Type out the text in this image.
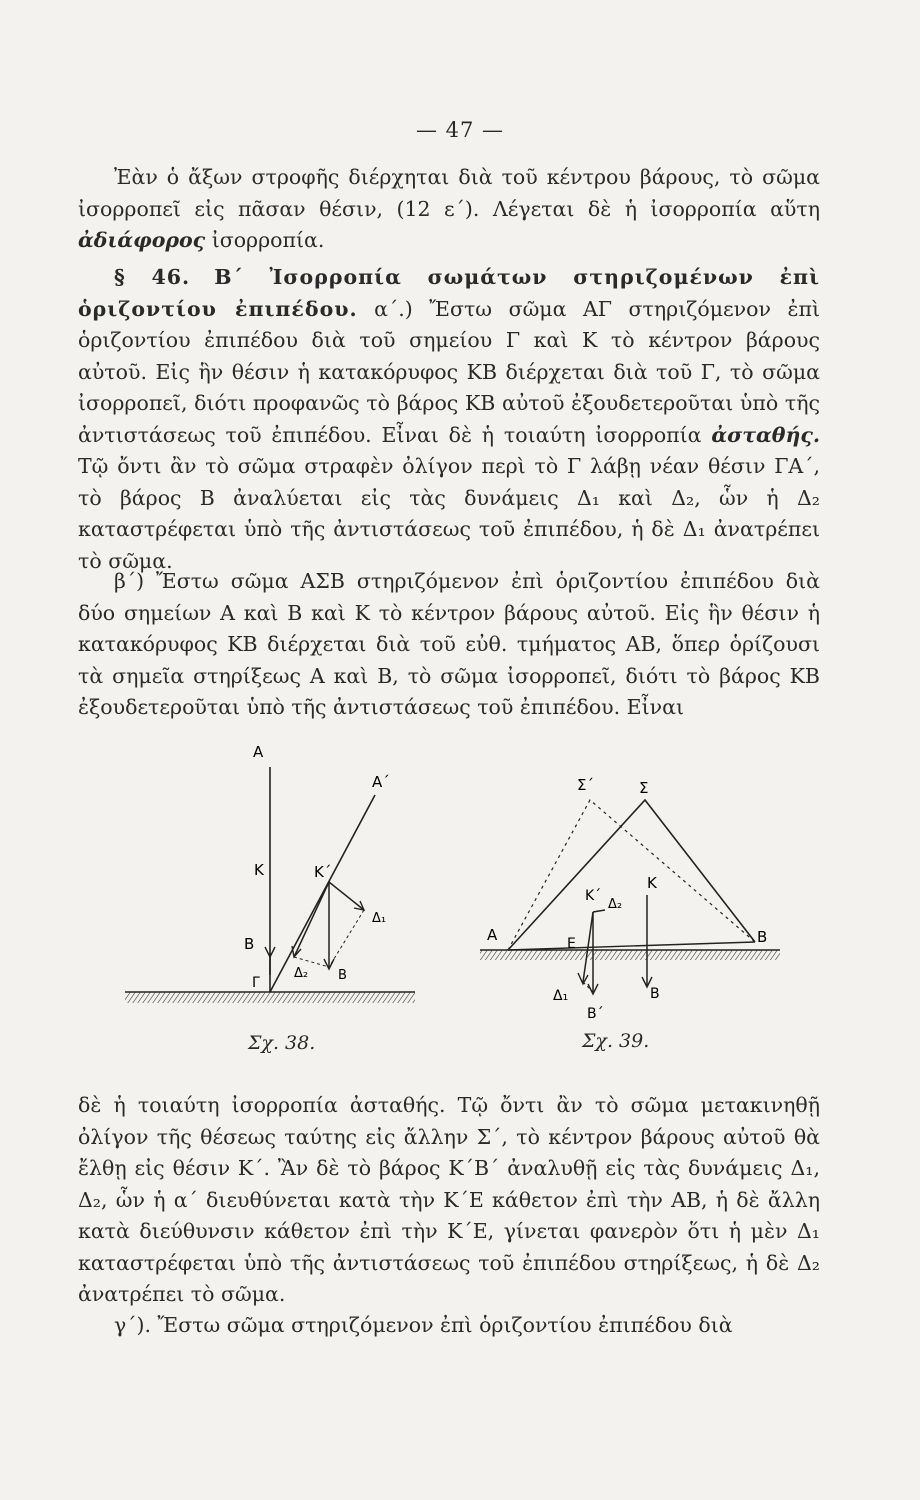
— 47 —

Ἐὰν ὁ ἄξων στροφῆς διέρχηται διὰ τοῦ κέντρου βάρους, τὸ σῶμα ἰσορροπεῖ εἰς πᾶσαν θέσιν, (12 ε΄). Λέγεται δὲ ἡ ἰσορροπία αὕτη ἀδιάφορος ἰσορροπία.

§ 46. Β΄ Ἰσορροπία σωμάτων στηριζομένων ἐπὶ ὁριζοντίου ἐπιπέδου. α΄.) Ἔστω σῶμα ΑΓ στηριζόμενον ἐπὶ ὁριζοντίου ἐπιπέδου διὰ τοῦ σημείου Γ καὶ Κ τὸ κέντρον βάρους αὐτοῦ. Εἰς ἣν θέσιν ἡ κατακόρυφος ΚΒ διέρχεται διὰ τοῦ Γ, τὸ σῶμα ἰσορροπεῖ, διότι προφανῶς τὸ βάρος ΚΒ αὐτοῦ ἐξουδετεροῦται ὑπὸ τῆς ἀντιστάσεως τοῦ ἐπιπέδου. Εἶναι δὲ ἡ τοιαύτη ἰσορροπία ἀσταθής. Τῷ ὄντι ἂν τὸ σῶμα στραφὲν ὀλίγον περὶ τὸ Γ λάβῃ νέαν θέσιν ΓΑ΄, τὸ βάρος Β ἀναλύεται εἰς τὰς δυνάμεις Δ₁ καὶ Δ₂, ὧν ἡ Δ₂ καταστρέφεται ὑπὸ τῆς ἀντιστάσεως τοῦ ἐπιπέδου, ἡ δὲ Δ₁ ἀνατρέπει τὸ σῶμα.

β΄) Ἔστω σῶμα ΑΣΒ στηριζόμενον ἐπὶ ὁριζοντίου ἐπιπέδου διὰ δύο σημείων Α καὶ Β καὶ Κ τὸ κέντρον βάρους αὐτοῦ. Εἰς ἣν θέσιν ἡ κατακόρυφος ΚΒ διέρχεται διὰ τοῦ εὐθ. τμήματος ΑΒ, ὅπερ ὁρίζουσι τὰ σημεῖα στηρίξεως Α καὶ Β, τὸ σῶμα ἰσορροπεῖ, διότι τὸ βάρος ΚΒ ἐξουδετεροῦται ὑπὸ τῆς ἀντιστάσεως τοῦ ἐπιπέδου. Εἶναι

Α
Α΄
Κ	Κ΄
Β
Γ
Δ₁
Δ₂ Β
Σχ. 38.
Σ΄	Σ
Κ΄
Κ
Δ₂
Α	Β
Ε
Δ₁
Β΄
Β
Σχ. 39.

δὲ ἡ τοιαύτη ἰσορροπία ἀσταθής. Τῷ ὄντι ἂν τὸ σῶμα μετακινηθῇ ὀλίγον τῆς θέσεως ταύτης εἰς ἄλλην Σ΄, τὸ κέντρον βάρους αὐτοῦ θὰ ἔλθῃ εἰς θέσιν Κ΄. Ἂν δὲ τὸ βάρος Κ΄Β΄ ἀναλυθῇ εἰς τὰς δυνάμεις Δ₁, Δ₂, ὧν ἡ α΄ διευθύνεται κατὰ τὴν Κ΄Ε κάθετον ἐπὶ τὴν ΑΒ, ἡ δὲ ἄλλη κατὰ διεύθυνσιν κάθετον ἐπὶ τὴν Κ΄Ε, γίνεται φανερὸν ὅτι ἡ μὲν Δ₁ καταστρέφεται ὑπὸ τῆς ἀντιστάσεως τοῦ ἐπιπέδου στηρίξεως, ἡ δὲ Δ₂ ἀνατρέπει τὸ σῶμα.

γ΄). Ἔστω σῶμα στηριζόμενον ἐπὶ ὁριζοντίου ἐπιπέδου διὰ
